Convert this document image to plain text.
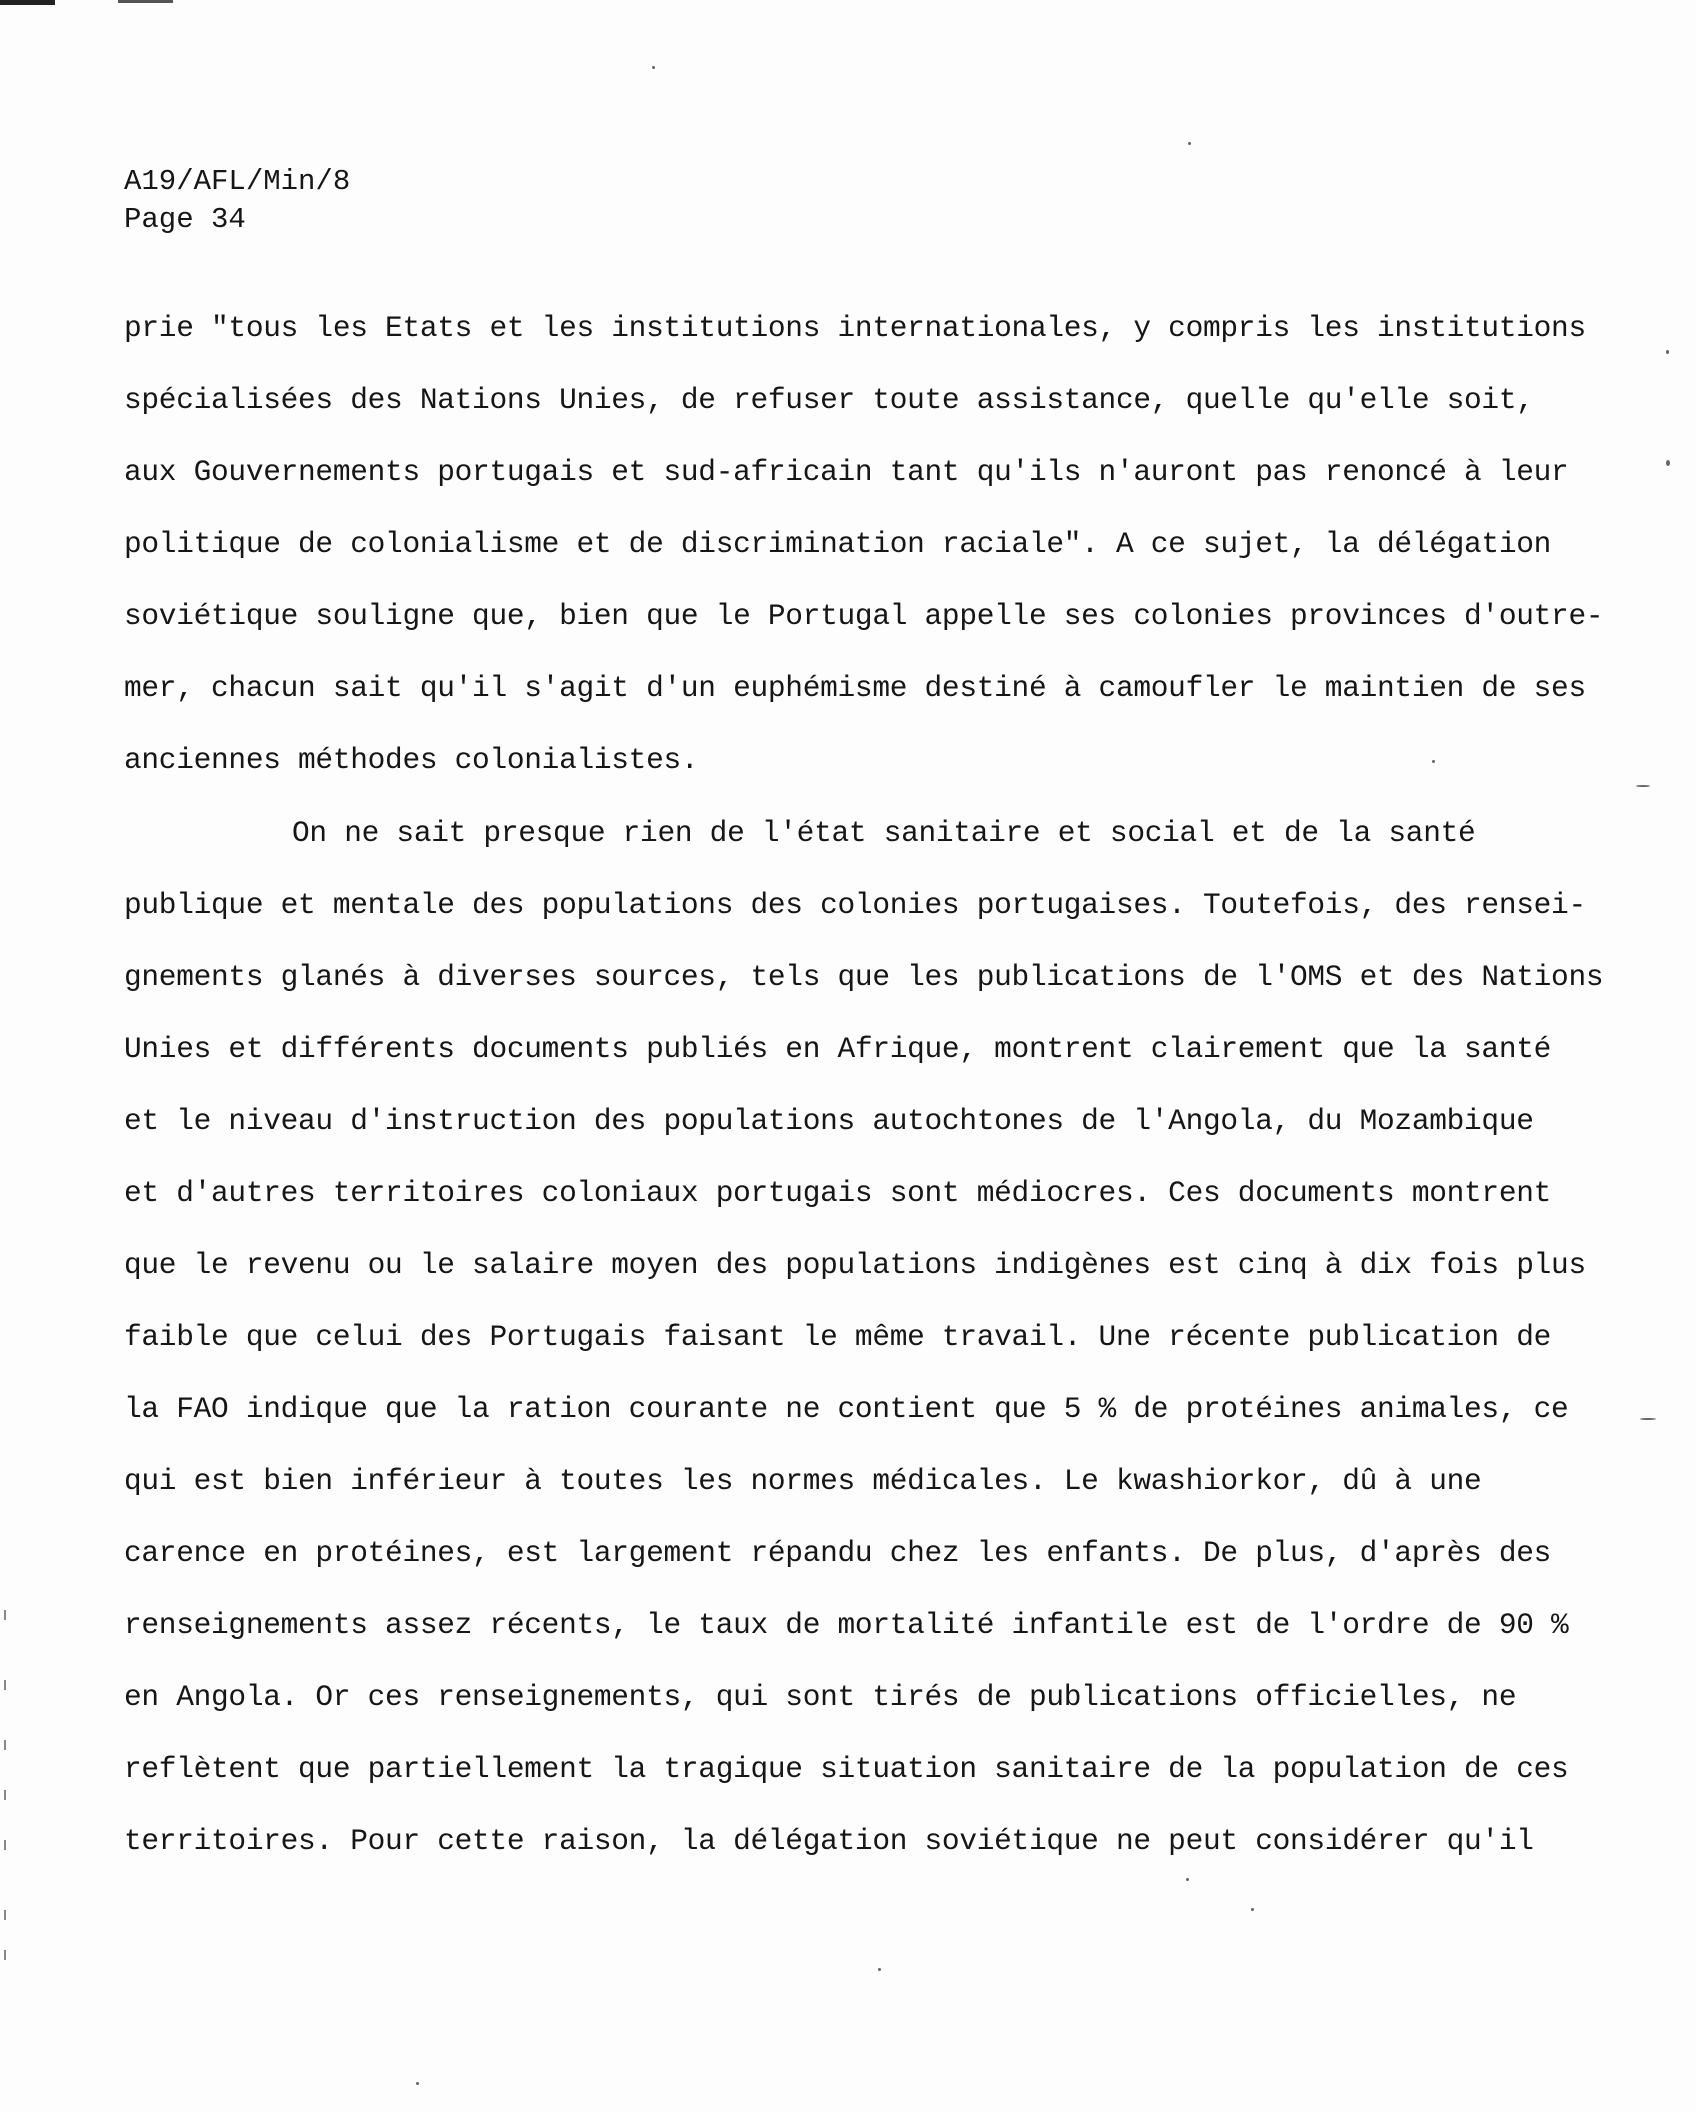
A19/AFL/Min/8
Page 34
prie "tous les Etats et les institutions internationales, y compris les institutions
spécialisées des Nations Unies, de refuser toute assistance, quelle qu'elle soit,
aux Gouvernements portugais et sud-africain tant qu'ils n'auront pas renoncé à leur
politique de colonialisme et de discrimination raciale". A ce sujet, la délégation
soviétique souligne que, bien que le Portugal appelle ses colonies provinces d'outre-
mer, chacun sait qu'il s'agit d'un euphémisme destiné à camoufler le maintien de ses
anciennes méthodes colonialistes.
On ne sait presque rien de l'état sanitaire et social et de la santé
publique et mentale des populations des colonies portugaises. Toutefois, des rensei-
gnements glanés à diverses sources, tels que les publications de l'OMS et des Nations
Unies et différents documents publiés en Afrique, montrent clairement que la santé
et le niveau d'instruction des populations autochtones de l'Angola, du Mozambique
et d'autres territoires coloniaux portugais sont médiocres. Ces documents montrent
que le revenu ou le salaire moyen des populations indigènes est cinq à dix fois plus
faible que celui des Portugais faisant le même travail. Une récente publication de
la FAO indique que la ration courante ne contient que 5 % de protéines animales, ce
qui est bien inférieur à toutes les normes médicales. Le kwashiorkor, dû à une
carence en protéines, est largement répandu chez les enfants. De plus, d'après des
renseignements assez récents, le taux de mortalité infantile est de l'ordre de 90 %
en Angola. Or ces renseignements, qui sont tirés de publications officielles, ne
reflètent que partiellement la tragique situation sanitaire de la population de ces
territoires. Pour cette raison, la délégation soviétique ne peut considérer qu'il
